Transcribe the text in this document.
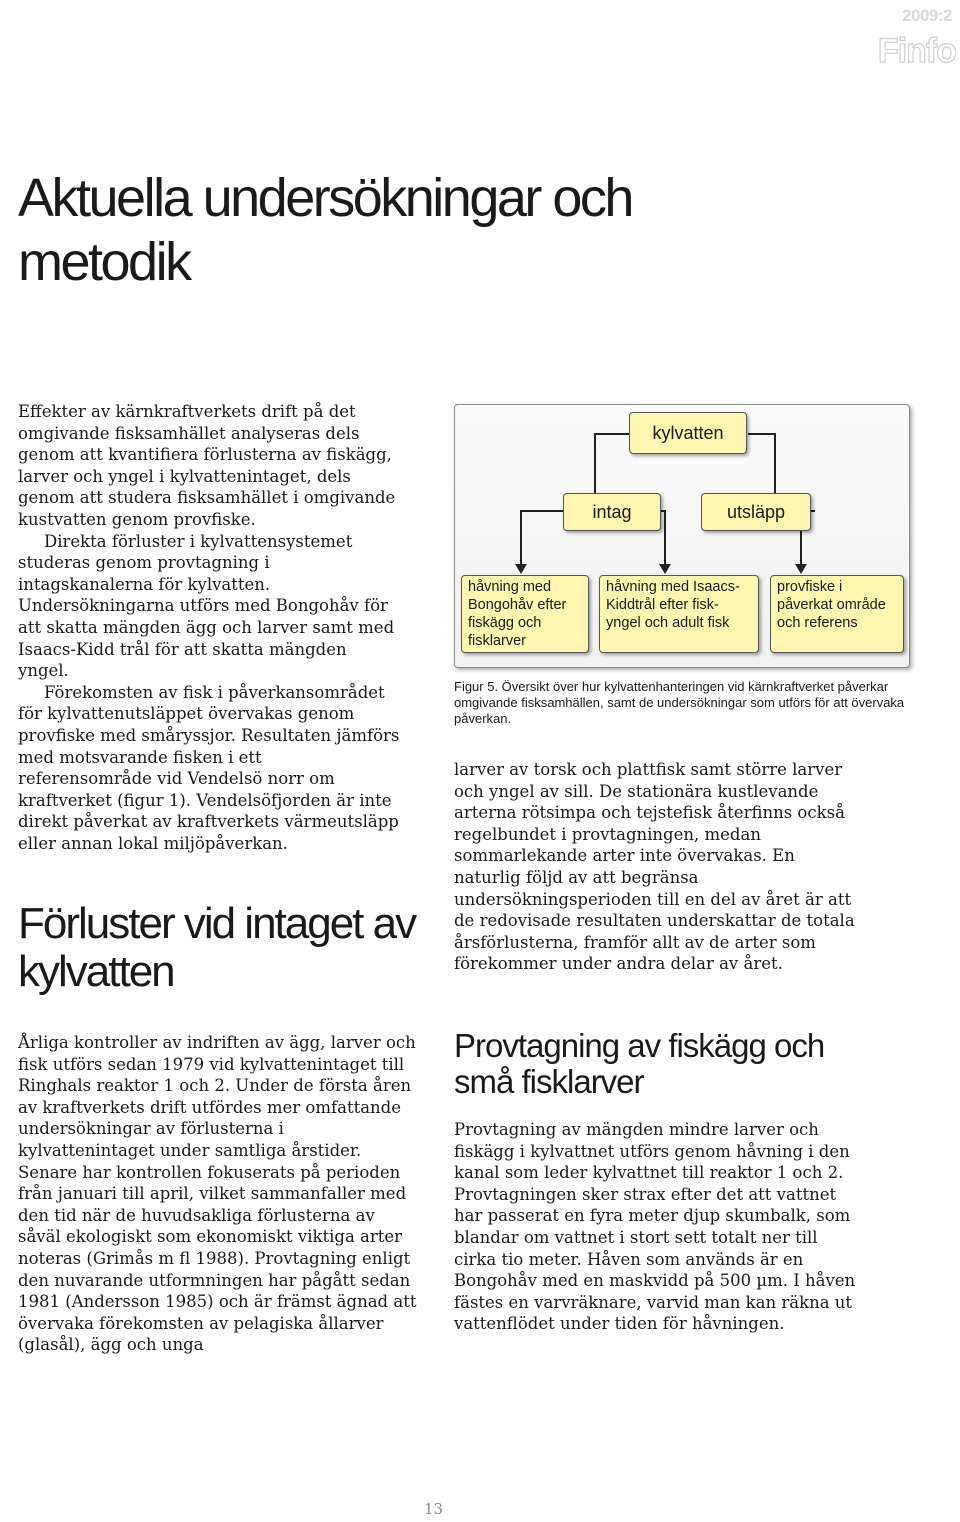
2009:2
Finfo
Aktuella undersökningar och metodik

Effekter av kärnkraftverkets drift på det omgivande fisksamhället analyseras dels genom att kvantifiera förlusterna av fiskägg, larver och yngel i kylvattenintaget, dels genom att studera fisksamhället i omgivande kustvatten genom provfiske.

Direkta förluster i kylvattensystemet studeras genom provtagning i intagskanalerna för kylvatten. Undersökningarna utförs med Bongohåv för att skatta mängden ägg och larver samt med Isaacs-Kidd trål för att skatta mängden yngel.

Förekomsten av fisk i påverkansområdet för kylvattenutsläppet övervakas genom provfiske med småryssjor. Resultaten jämförs med motsvarande fisken i ett referensområde vid Vendelsö norr om kraftverket (figur 1). Vendelsöfjorden är inte direkt påverkat av kraftverkets värmeutsläpp eller annan lokal miljöpåverkan.

Förluster vid intaget av kylvatten

Årliga kontroller av indriften av ägg, larver och fisk utförs sedan 1979 vid kylvattenintaget till Ringhals reaktor 1 och 2. Under de första åren av kraftverkets drift utfördes mer omfattande undersökningar av förlusterna i kylvattenintaget under samtliga årstider. Senare har kontrollen fokuserats på perioden från januari till april, vilket sammanfaller med den tid när de huvudsakliga förlusterna av såväl ekologiskt som ekonomiskt viktiga arter noteras (Grimås m fl 1988). Provtagning enligt den nuvarande utformningen har pågått sedan 1981 (Andersson 1985) och är främst ägnad att övervaka förekomsten av pelagiska ållarver (glasål), ägg och unga

kylvatten
intag	utsläpp
håvning med
Bongohåv efter
fiskägg och
fisklarver
håvning med Isaacs-
Kiddtrål efter fisk-
yngel och adult fisk
provfiske i
påverkat område
och referens
Figur 5. Översikt över hur kylvattenhanteringen vid kärnkraftverket påverkar omgivande fisksamhällen, samt de undersökningar som utförs för att övervaka påverkan.

larver av torsk och plattfisk samt större larver och yngel av sill. De stationära kustlevande arterna rötsimpa och tejstefisk återfinns också regelbundet i provtagningen, medan sommarlekande arter inte övervakas. En naturlig följd av att begränsa undersökningsperioden till en del av året är att de redovisade resultaten underskattar de totala årsförlusterna, framför allt av de arter som förekommer under andra delar av året.

Provtagning av fiskägg och små fisklarver

Provtagning av mängden mindre larver och fiskägg i kylvattnet utförs genom håvning i den kanal som leder kylvattnet till reaktor 1 och 2. Provtagningen sker strax efter det att vattnet har passerat en fyra meter djup skumbalk, som blandar om vattnet i stort sett totalt ner till cirka tio meter. Håven som används är en Bongohåv med en maskvidd på 500 µm. I håven fästes en varvräknare, varvid man kan räkna ut vattenflödet under tiden för håvningen.

13
